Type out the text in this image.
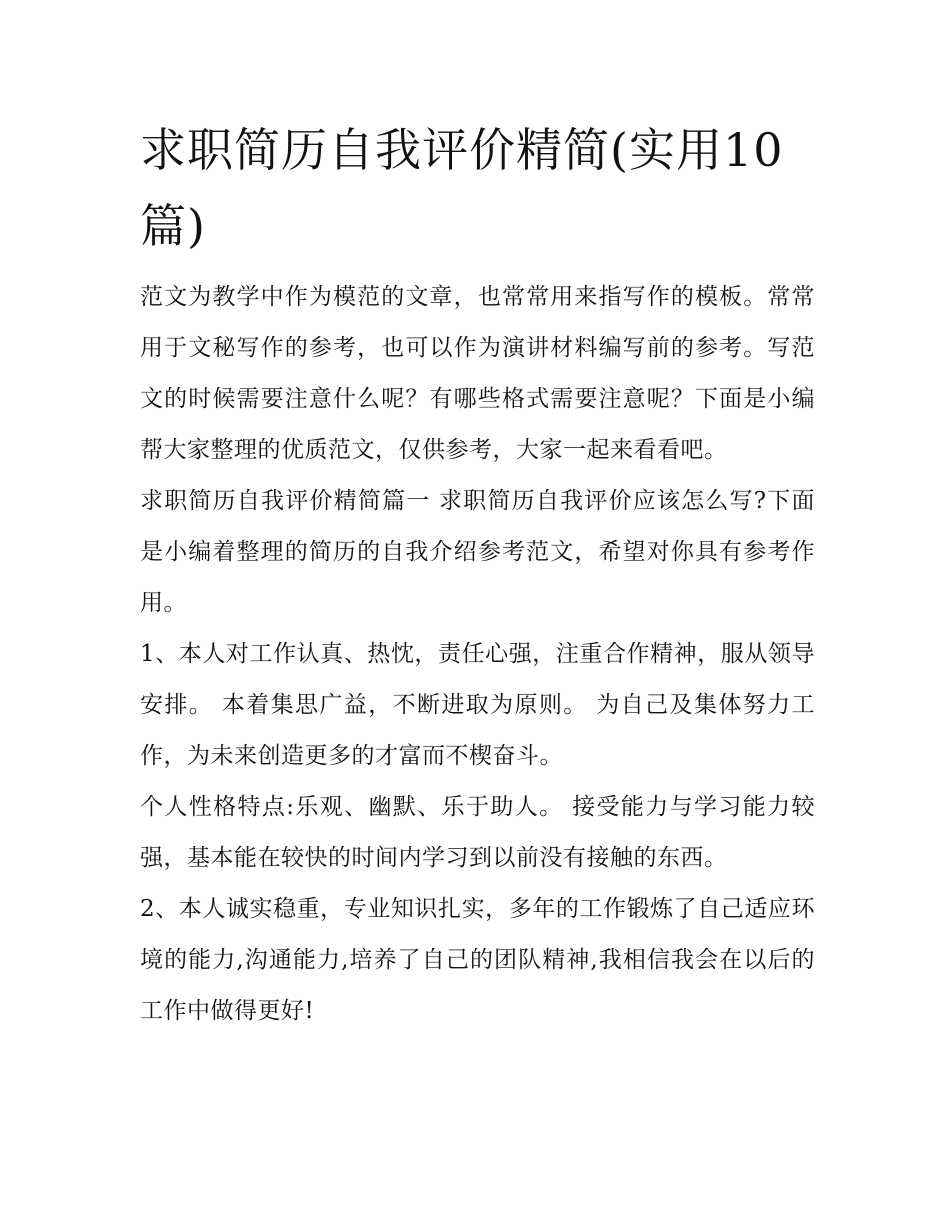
求职简历自我评价精简(实用10篇)

范文为教学中作为模范的文章，也常常用来指写作的模板。常常用于文秘写作的参考，也可以作为演讲材料编写前的参考。写范文的时候需要注意什么呢？有哪些格式需要注意呢？下面是小编帮大家整理的优质范文，仅供参考，大家一起来看看吧。

求职简历自我评价精简篇一 求职简历自我评价应该怎么写?下面是小编着整理的简历的自我介绍参考范文，希望对你具有参考作用。

1、本人对工作认真、热忱，责任心强，注重合作精神，服从领导安排。 本着集思广益，不断进取为原则。 为自己及集体努力工作，为未来创造更多的才富而不楔奋斗。

个人性格特点:乐观、幽默、乐于助人。 接受能力与学习能力较强，基本能在较快的时间内学习到以前没有接触的东西。

2、本人诚实稳重，专业知识扎实，多年的工作锻炼了自己适应环境的能力,沟通能力,培养了自己的团队精神,我相信我会在以后的工作中做得更好!
